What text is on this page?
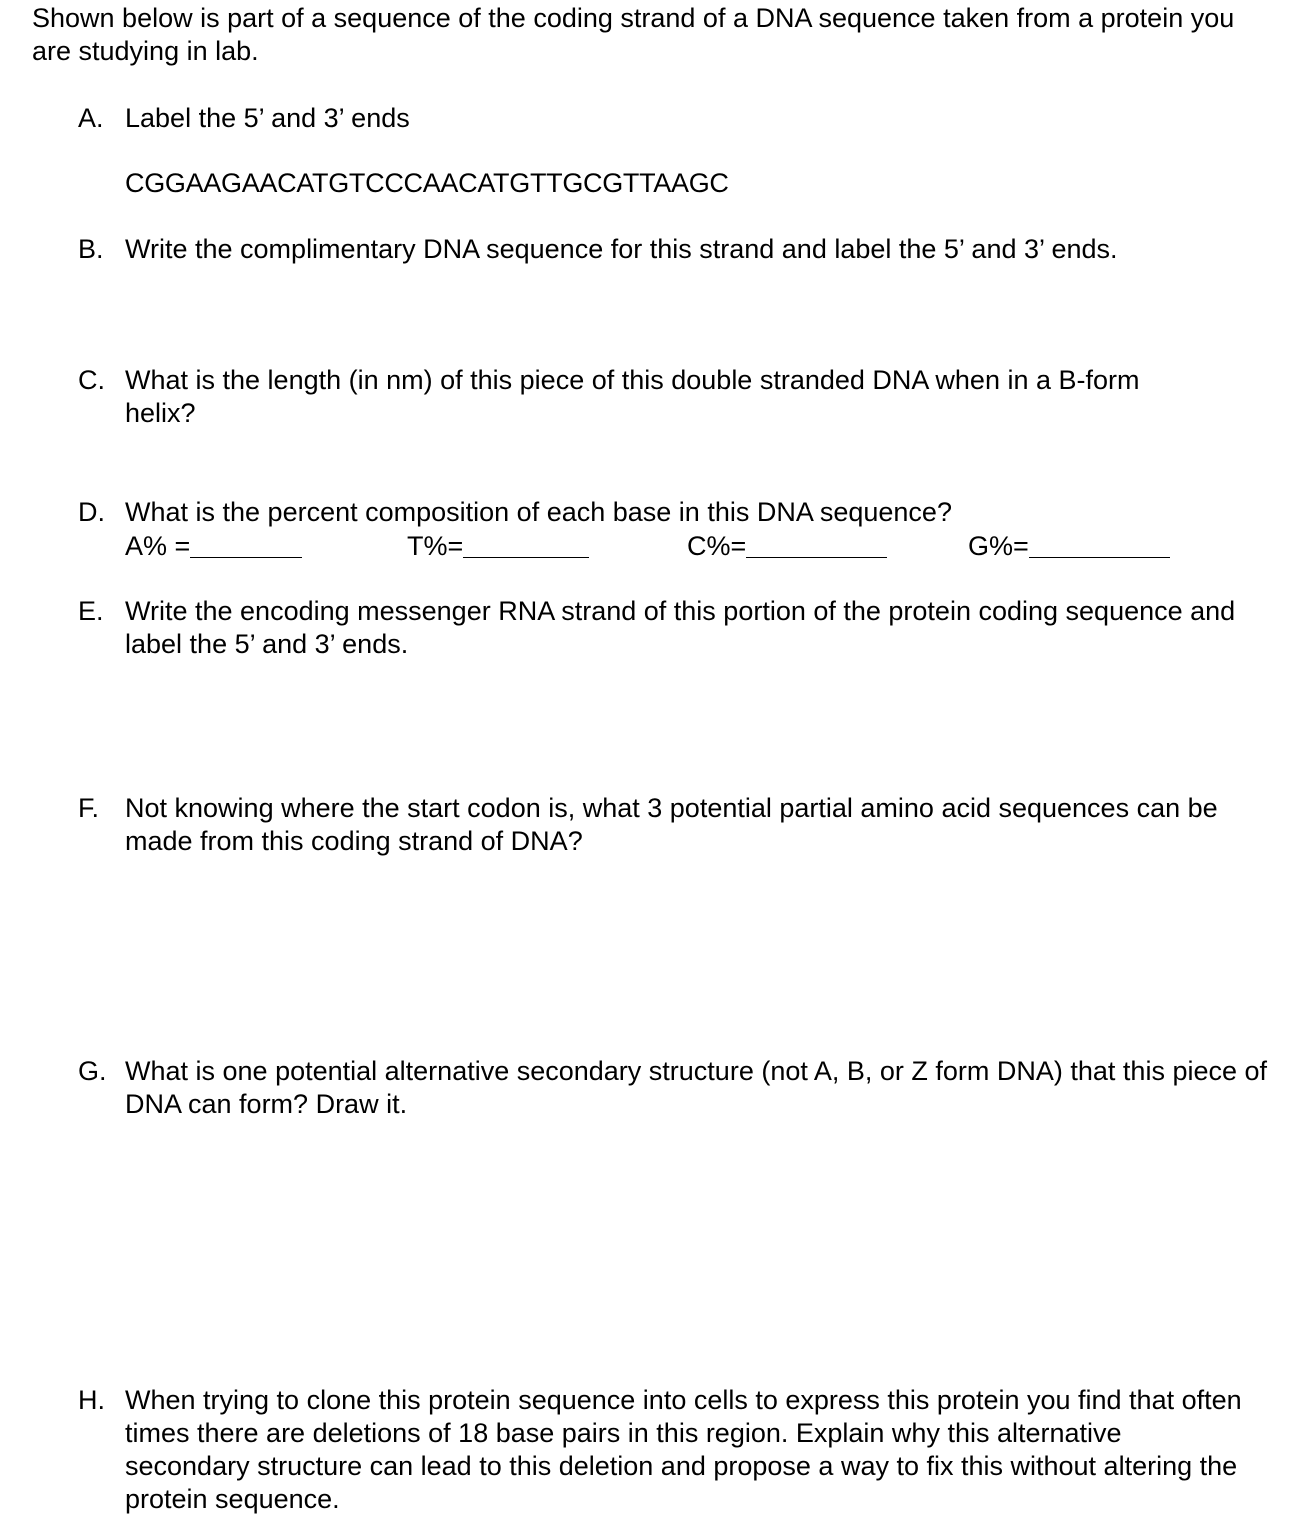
Shown below is part of a sequence of the coding strand of a DNA sequence taken from a protein you are studying in lab.
A. Label the 5’ and 3’ ends
CGGAAGAACATGTCCCAACATGTTGCGTTAAGC
B. Write the complimentary DNA sequence for this strand and label the 5’ and 3’ ends.
C. What is the length (in nm) of this piece of this double stranded DNA when in a B-form helix?
D. What is the percent composition of each base in this DNA sequence?
A% =	T%=	C%=	G%=
E. Write the encoding messenger RNA strand of this portion of the protein coding sequence and label the 5’ and 3’ ends.
F. Not knowing where the start codon is, what 3 potential partial amino acid sequences can be made from this coding strand of DNA?
G. What is one potential alternative secondary structure (not A, B, or Z form DNA) that this piece of DNA can form? Draw it.
H. When trying to clone this protein sequence into cells to express this protein you find that often times there are deletions of 18 base pairs in this region. Explain why this alternative secondary structure can lead to this deletion and propose a way to fix this without altering the protein sequence.
